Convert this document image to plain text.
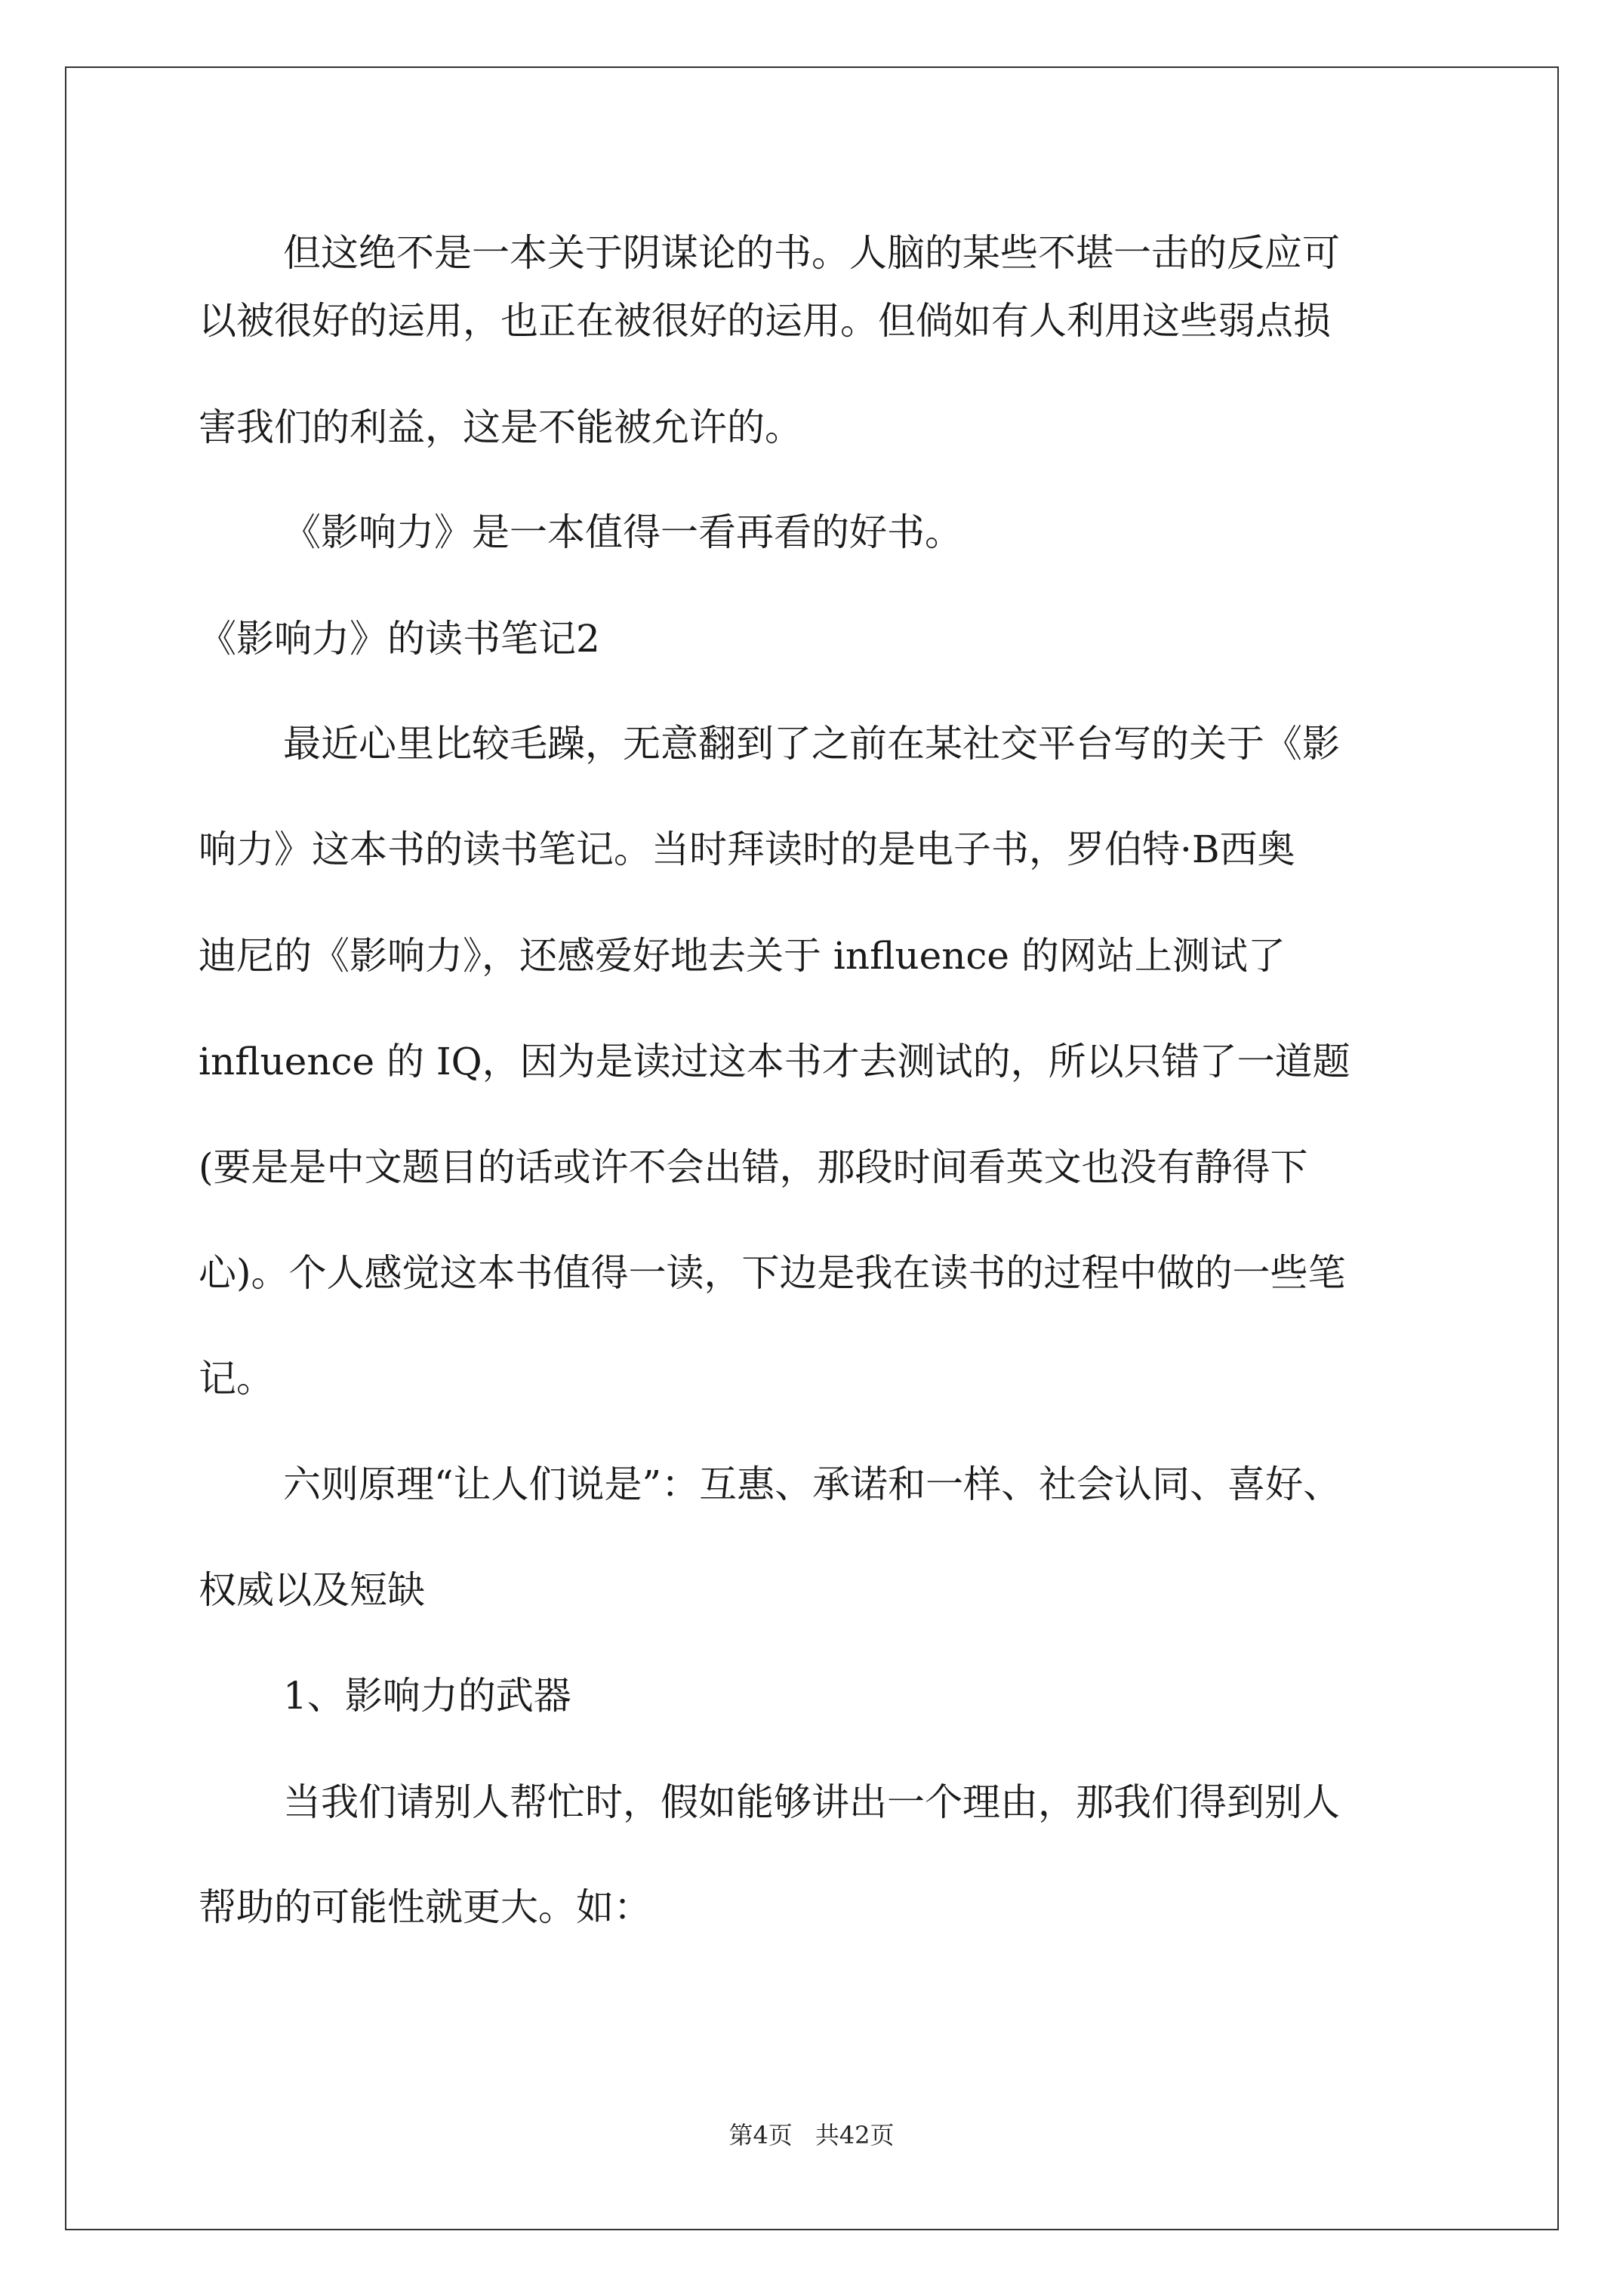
但这绝不是一本关于阴谋论的书。人脑的某些不堪一击的反应可
以被很好的运用，也正在被很好的运用。但倘如有人利用这些弱点损
害我们的利益，这是不能被允许的。
《影响力》是一本值得一看再看的好书。
《影响力》的读书笔记2
最近心里比较毛躁，无意翻到了之前在某社交平台写的关于《影
响力》这本书的读书笔记。当时拜读时的是电子书，罗伯特·B西奥
迪尼的《影响力》，还感爱好地去关于 influence 的网站上测试了
influence 的 IQ，因为是读过这本书才去测试的，所以只错了一道题
(要是是中文题目的话或许不会出错，那段时间看英文也没有静得下
心)。个人感觉这本书值得一读，下边是我在读书的过程中做的一些笔
记。
六则原理“让人们说是”：互惠、承诺和一样、社会认同、喜好、
权威以及短缺
1、影响力的武器
当我们请别人帮忙时，假如能够讲出一个理由，那我们得到别人
帮助的可能性就更大。如：
第4页 共42页
